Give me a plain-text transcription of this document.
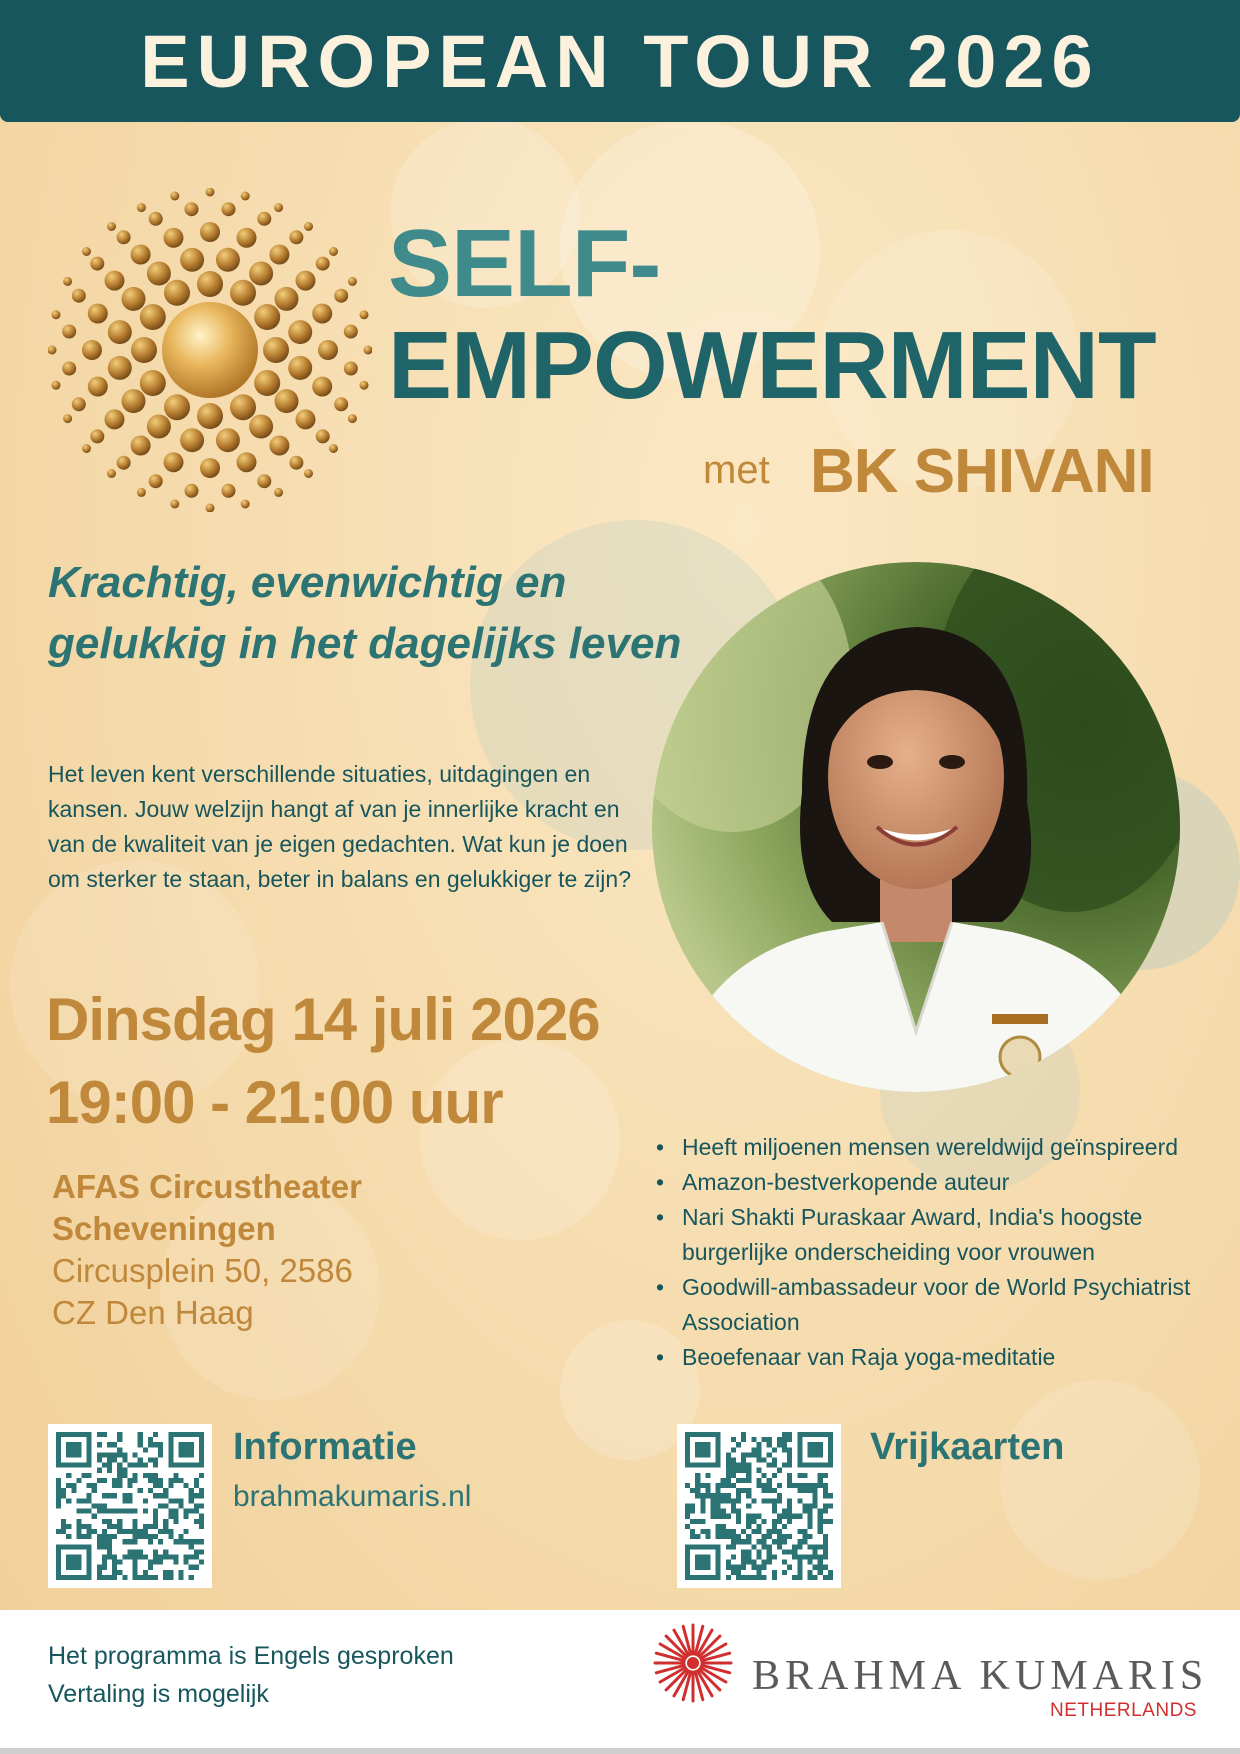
EUROPEAN TOUR 2026
SELF-
EMPOWERMENT
met BK SHIVANI
Krachtig, evenwichtig en gelukkig in het dagelijks leven
Het leven kent verschillende situaties, uitdagingen en kansen. Jouw welzijn hangt af van je innerlijke kracht en van de kwaliteit van je eigen gedachten. Wat kun je doen om sterker te staan, beter in balans en gelukkiger te zijn?
Dinsdag 14 juli 2026
19:00 - 21:00 uur
AFAS Circustheater
Scheveningen
Circusplein 50, 2586
CZ Den Haag
• Heeft miljoenen mensen wereldwijd geïnspireerd
• Amazon-bestverkopende auteur
• Nari Shakti Puraskaar Award, India's hoogste burgerlijke onderscheiding voor vrouwen
• Goodwill-ambassadeur voor de World Psychiatrist Association
• Beoefenaar van Raja yoga-meditatie
Informatie
brahmakumaris.nl
Vrijkaarten
Het programma is Engels gesproken
Vertaling is mogelijk	BRAHMA KUMARIS
NETHERLANDS
